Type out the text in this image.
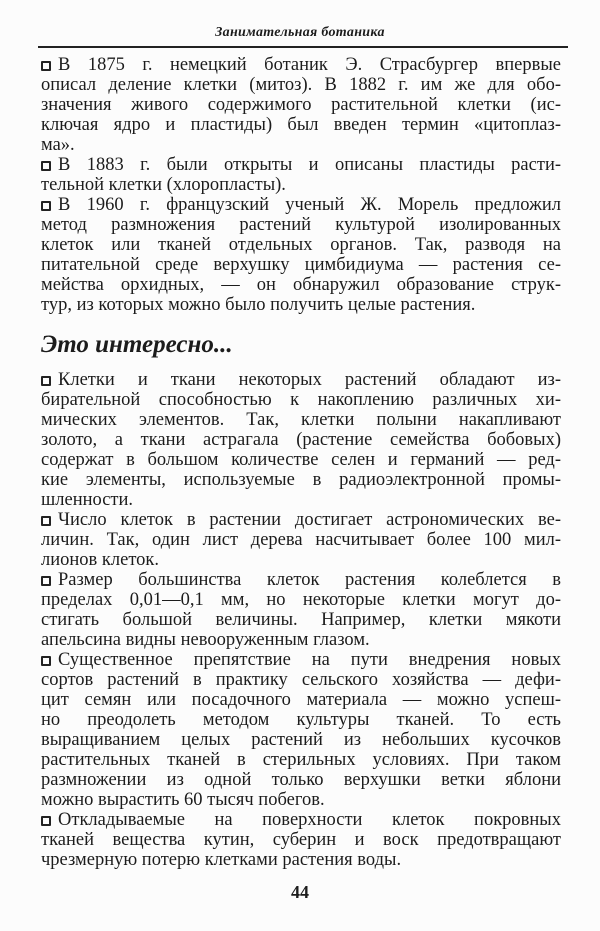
Занимательная ботаника
В 1875 г. немецкий ботаник Э. Страсбургер впервые
описал деление клетки (митоз). В 1882 г. им же для обо-
значения живого содержимого растительной клетки (ис-
ключая ядро и пластиды) был введен термин «цитоплаз-
ма».
В 1883 г. были открыты и описаны пластиды расти-
тельной клетки (хлоропласты).
В 1960 г. французский ученый Ж. Морель предложил
метод размножения растений культурой изолированных
клеток или тканей отдельных органов. Так, разводя на
питательной среде верхушку цимбидиума — растения се-
мейства орхидных, — он обнаружил образование струк-
тур, из которых можно было получить целые растения.
Это интересно...
Клетки и ткани некоторых растений обладают из-
бирательной способностью к накоплению различных хи-
мических элементов. Так, клетки полыни накапливают
золото, а ткани астрагала (растение семейства бобовых)
содержат в большом количестве селен и германий — ред-
кие элементы, используемые в радиоэлектронной промы-
шленности.
Число клеток в растении достигает астрономических ве-
личин. Так, один лист дерева насчитывает более 100 мил-
лионов клеток.
Размер большинства клеток растения колеблется в
пределах 0,01—0,1 мм, но некоторые клетки могут до-
стигать большой величины. Например, клетки мякоти
апельсина видны невооруженным глазом.
Существенное препятствие на пути внедрения новых
сортов растений в практику сельского хозяйства — дефи-
цит семян или посадочного материала — можно успеш-
но преодолеть методом культуры тканей. То есть
выращиванием целых растений из небольших кусочков
растительных тканей в стерильных условиях. При таком
размножении из одной только верхушки ветки яблони
можно вырастить 60 тысяч побегов.
Откладываемые на поверхности клеток покровных
тканей вещества кутин, суберин и воск предотвращают
чрезмерную потерю клетками растения воды.
44
